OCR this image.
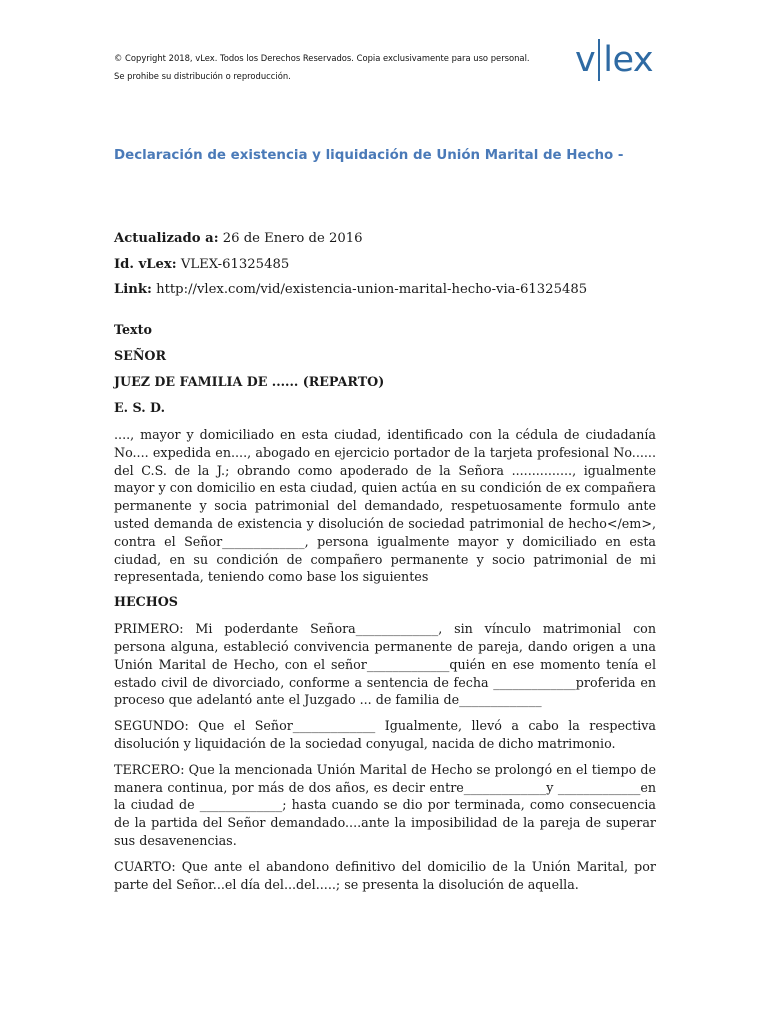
© Copyright 2018, vLex. Todos los Derechos Reservados. Copia exclusivamente para uso personal.
Se prohibe su distribución o reproducción.	v lex
Declaración de existencia y liquidación de Unión Marital de Hecho -
Actualizado a: 26 de Enero de 2016
Id. vLex: VLEX-61325485
Link: http://vlex.com/vid/existencia-union-marital-hecho-via-61325485
Texto
SEÑOR
JUEZ DE FAMILIA DE ...... (REPARTO)
E. S. D.

...., mayor y domiciliado en esta ciudad, identificado con la cédula de ciudadanía No.... expedida en...., abogado en ejercicio portador de la tarjeta profesional No...... del C.S. de la J.; obrando como apoderado de la Señora ..............., igualmente mayor y con domicilio en esta ciudad, quien actúa en su condición de ex compañera permanente y socia patrimonial del demandado, respetuosamente formulo ante usted demanda de existencia y disolución de sociedad patrimonial de hecho</em>, contra el Señor_____________, persona igualmente mayor y domiciliado en esta ciudad, en su condición de compañero permanente y socio patrimonial de mi representada, teniendo como base los siguientes

HECHOS

PRIMERO: Mi poderdante Señora_____________, sin vínculo matrimonial con persona alguna, estableció convivencia permanente de pareja, dando origen a una Unión Marital de Hecho, con el señor_____________quién en ese momento tenía el estado civil de divorciado, conforme a sentencia de fecha _____________proferida en proceso que adelantó ante el Juzgado ... de familia de_____________

SEGUNDO: Que el Señor_____________ Igualmente, llevó a cabo la respectiva disolución y liquidación de la sociedad conyugal, nacida de dicho matrimonio.

TERCERO: Que la mencionada Unión Marital de Hecho se prolongó en el tiempo de manera continua, por más de dos años, es decir entre_____________y _____________en la ciudad de _____________; hasta cuando se dio por terminada, como consecuencia de la partida del Señor demandado....ante la imposibilidad de la pareja de superar sus desavenencias.

CUARTO: Que ante el abandono definitivo del domicilio de la Unión Marital, por parte del Señor...el día del...del.....; se presenta la disolución de aquella.
